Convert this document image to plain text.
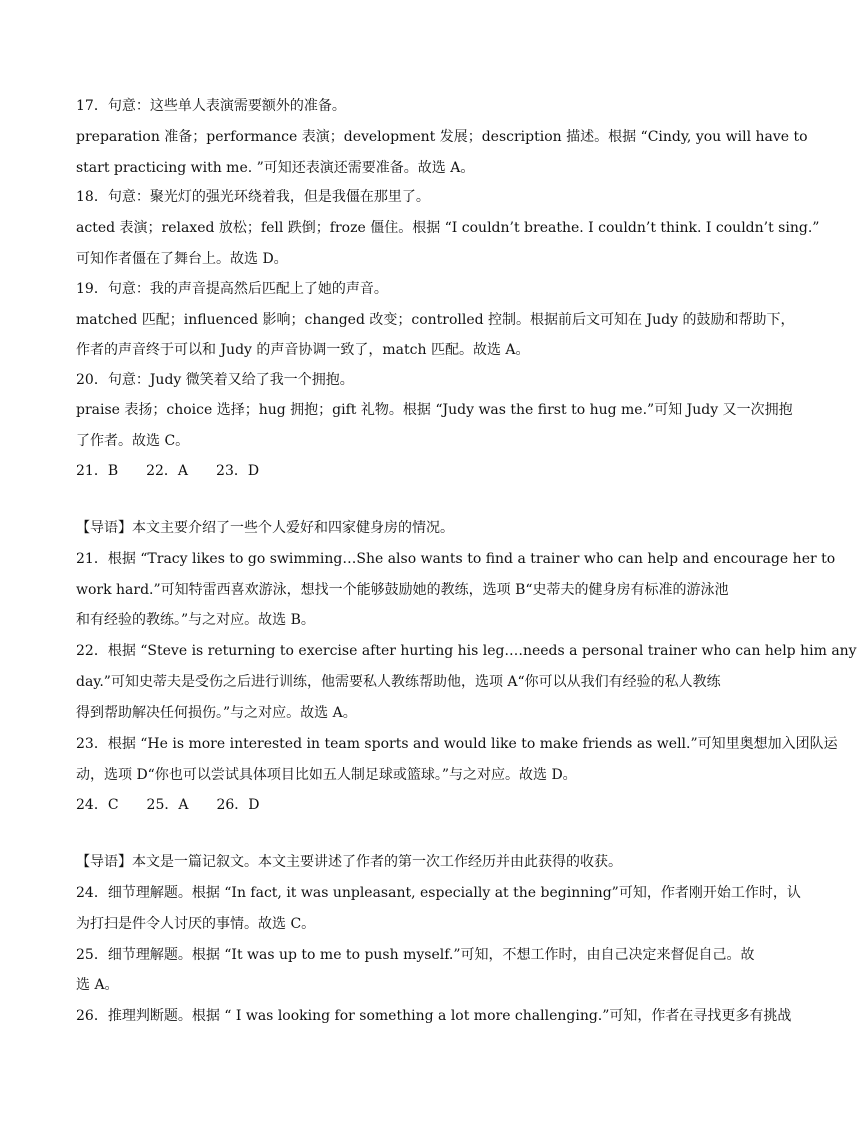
17．句意：这些单人表演需要额外的准备。
preparation 准备；performance 表演；development 发展；description 描述。根据 “Cindy, you will have to
start practicing with me. ”可知还表演还需要准备。故选 A。
18．句意：聚光灯的强光环绕着我，但是我僵在那里了。
acted 表演；relaxed 放松；fell 跌倒；froze 僵住。根据 “I couldn’t breathe. I couldn’t think. I couldn’t sing.”
可知作者僵在了舞台上。故选 D。
19．句意：我的声音提高然后匹配上了她的声音。
matched 匹配；influenced 影响；changed 改变；controlled 控制。根据前后文可知在 Judy 的鼓励和帮助下，
作者的声音终于可以和 Judy 的声音协调一致了，match 匹配。故选 A。
20．句意：Judy 微笑着又给了我一个拥抱。
praise 表扬；choice 选择；hug 拥抱；gift 礼物。根据 “Judy was the first to hug me.”可知 Judy 又一次拥抱
了作者。故选 C。
21．B 22．A 23．D
【导语】本文主要介绍了一些个人爱好和四家健身房的情况。
21．根据 “Tracy likes to go swimming…She also wants to find a trainer who can help and encourage her to
work hard.”可知特雷西喜欢游泳，想找一个能够鼓励她的教练，选项 B“史蒂夫的健身房有标准的游泳池
和有经验的教练。”与之对应。故选 B。
22．根据 “Steve is returning to exercise after hurting his leg.…needs a personal trainer who can help him any
day.”可知史蒂夫是受伤之后进行训练，他需要私人教练帮助他，选项 A“你可以从我们有经验的私人教练
得到帮助解决任何损伤。”与之对应。故选 A。
23．根据 “He is more interested in team sports and would like to make friends as well.”可知里奥想加入团队运
动，选项 D“你也可以尝试具体项目比如五人制足球或篮球。”与之对应。故选 D。
24．C 25．A 26．D
【导语】本文是一篇记叙文。本文主要讲述了作者的第一次工作经历并由此获得的收获。
24．细节理解题。根据 “In fact, it was unpleasant, especially at the beginning”可知，作者刚开始工作时，认
为打扫是件令人讨厌的事情。故选 C。
25．细节理解题。根据 “It was up to me to push myself.”可知，不想工作时，由自己决定来督促自己。故
选 A。
26．推理判断题。根据 “ I was looking for something a lot more challenging.”可知，作者在寻找更多有挑战
